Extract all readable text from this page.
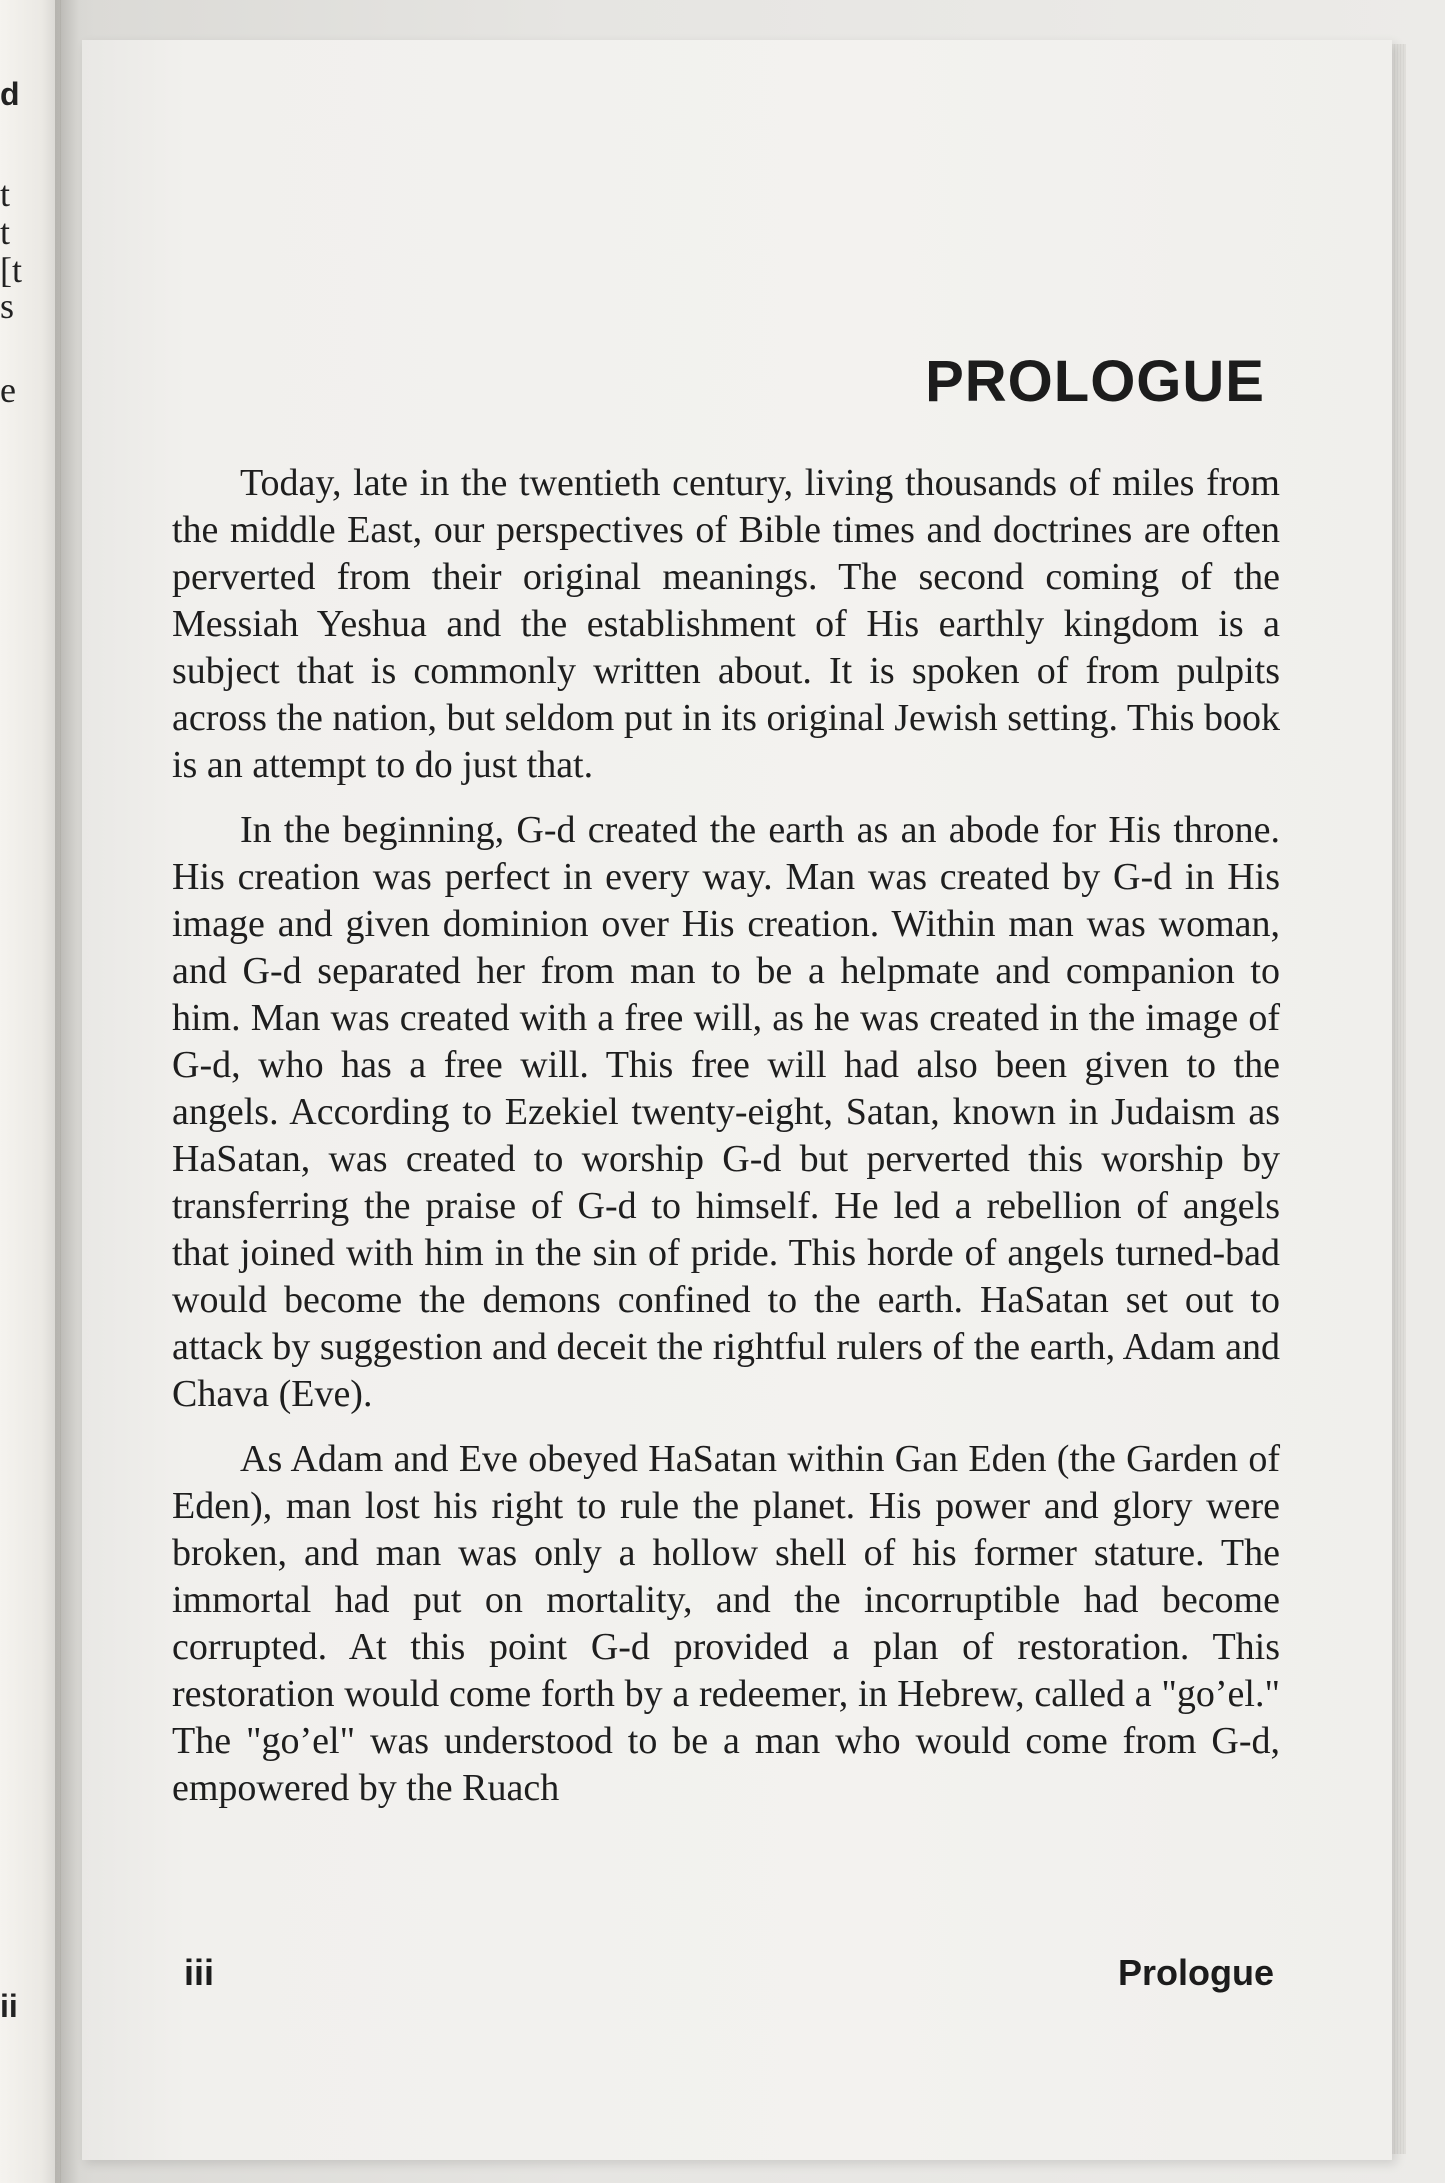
d
t
t
[t
s
e
ii
PROLOGUE

Today, late in the twentieth century, living thousands of miles from the middle East, our perspectives of Bible times and doctrines are often perverted from their original meanings. The second coming of the Messiah Yeshua and the establishment of His earthly kingdom is a subject that is commonly written about. It is spoken of from pulpits across the nation, but seldom put in its original Jewish setting. This book is an attempt to do just that.

In the beginning, G-d created the earth as an abode for His throne. His creation was perfect in every way. Man was created by G-d in His image and given dominion over His creation. Within man was woman, and G-d separated her from man to be a helpmate and companion to him. Man was created with a free will, as he was created in the image of G-d, who has a free will. This free will had also been given to the angels. According to Ezekiel twenty-eight, Satan, known in Judaism as HaSatan, was created to worship G-d but perverted this worship by transferring the praise of G-d to himself. He led a rebellion of angels that joined with him in the sin of pride. This horde of angels turned-bad would become the demons confined to the earth. HaSatan set out to attack by suggestion and deceit the rightful rulers of the earth, Adam and Chava (Eve).

As Adam and Eve obeyed HaSatan within Gan Eden (the Garden of Eden), man lost his right to rule the planet. His power and glory were broken, and man was only a hollow shell of his former stature. The immortal had put on mortality, and the incorruptible had become corrupted. At this point G-d provided a plan of restoration. This restoration would come forth by a redeemer, in Hebrew, called a "go’el." The "go’el" was understood to be a man who would come from G-d, empowered by the Ruach

iii	Prologue
